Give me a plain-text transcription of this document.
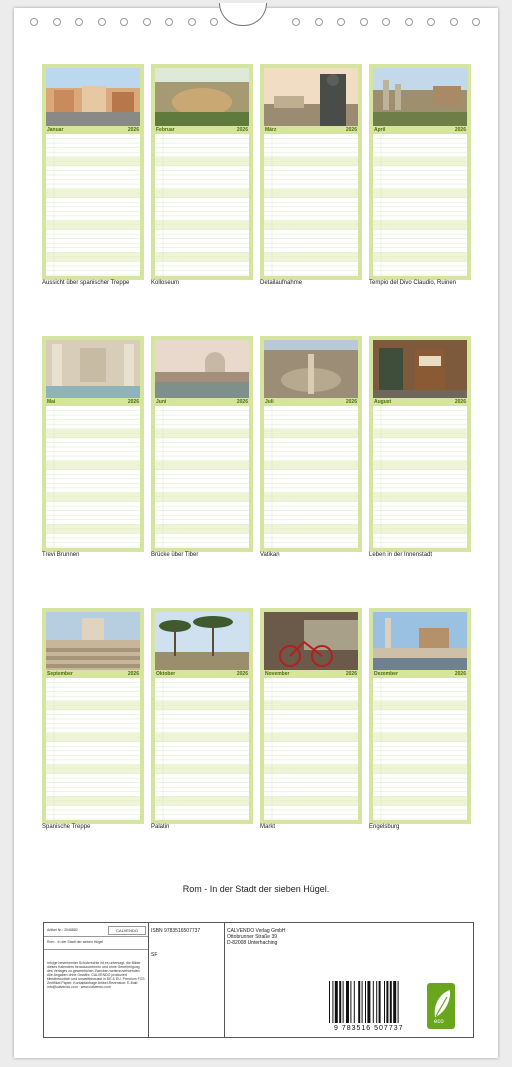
Januar	2026
Aussicht über spanischer Treppe
Februar	2026
Kolloseum
März	2026
Detailaufnahme
April	2026
Tempio del Divo Claudio, Ruinen
Mai	2026
Trevi Brunnen
Juni	2026
Brücke über Tiber
Juli	2026
Vatikan
August	2026
Leben in der Innenstadt
September	2026
Spanische Treppe
Oktober	2026
Palatin
November	2026
Markt
Dezember	2026
Engelsburg
Rom - In der Stadt der sieben Hügel.
Artikel Nr.: 2046882	CALVENDO
Rom - In der Stadt der sieben Hügel
Infolge bestehender Schutzrechte ist es untersagt, die Bilder dieses Kalenders herauszutrennen und ohne Genehmigung des Verlages zu gewerblichen Zwecken weiterzuverwenden. Alle Angaben ohne Gewähr. CALVENDO produziert klimafreundlich und umweltbewusst in DE & EU. Premium FCS Zertifikat Papier. Kontaktanfrage Artikel-Rezension: E-Mail: info@calvendo.com · www.calvendo.com
ISBN 9783516507737
SF
CALVENDO Verlag GmbH
Ottobrunner Straße 39
D-82008 Unterhaching
9 783516 507737
eco
